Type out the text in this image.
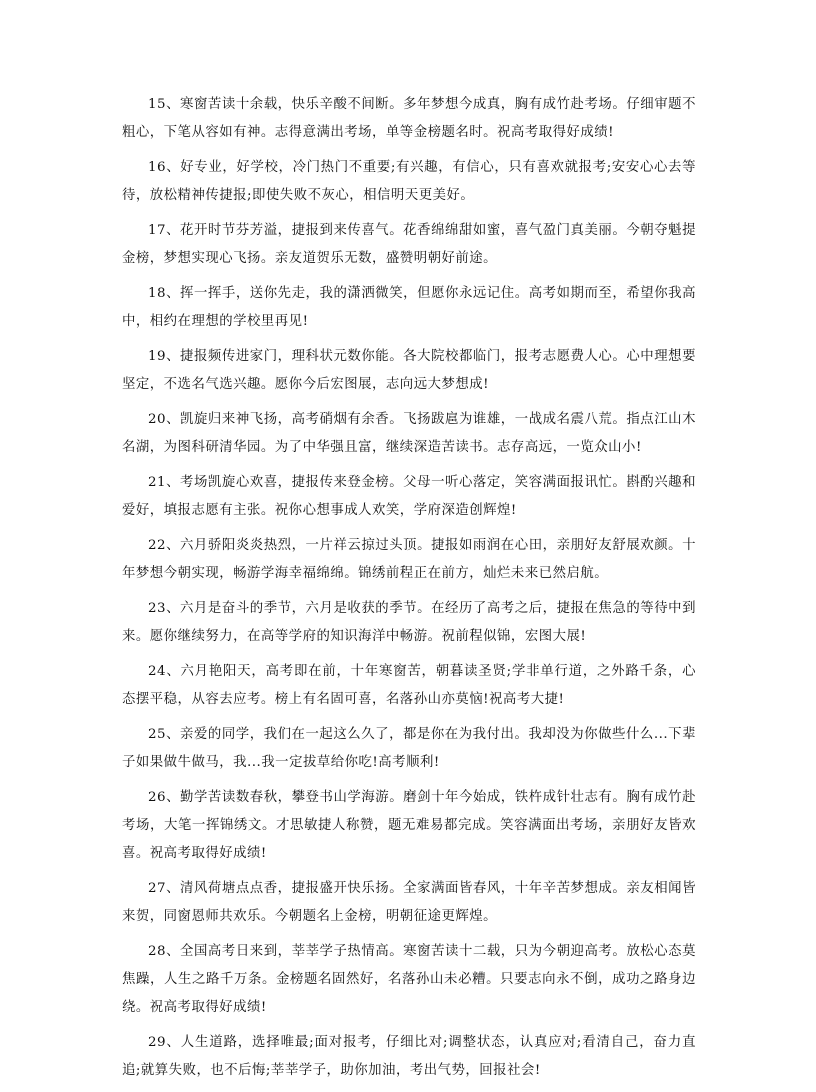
15、寒窗苦读十余载，快乐辛酸不间断。多年梦想今成真，胸有成竹赴考场。仔细审题不粗心，下笔从容如有神。志得意满出考场，单等金榜题名时。祝高考取得好成绩!

16、好专业，好学校，冷门热门不重要;有兴趣，有信心，只有喜欢就报考;安安心心去等待，放松精神传捷报;即使失败不灰心，相信明天更美好。

17、花开时节芬芳溢，捷报到来传喜气。花香绵绵甜如蜜，喜气盈门真美丽。今朝夺魁提金榜，梦想实现心飞扬。亲友道贺乐无数，盛赞明朝好前途。

18、挥一挥手，送你先走，我的潇洒微笑，但愿你永远记住。高考如期而至，希望你我高中，相约在理想的学校里再见!

19、捷报频传进家门，理科状元数你能。各大院校都临门，报考志愿费人心。心中理想要坚定，不选名气选兴趣。愿你今后宏图展，志向远大梦想成!

20、凯旋归来神飞扬，高考硝烟有余香。飞扬跋扈为谁雄，一战成名震八荒。指点江山木名湖，为图科研清华园。为了中华强且富，继续深造苦读书。志存高远，一览众山小!

21、考场凯旋心欢喜，捷报传来登金榜。父母一听心落定，笑容满面报讯忙。斟酌兴趣和爱好，填报志愿有主张。祝你心想事成人欢笑，学府深造创辉煌!

22、六月骄阳炎炎热烈，一片祥云掠过头顶。捷报如雨润在心田，亲朋好友舒展欢颜。十年梦想今朝实现，畅游学海幸福绵绵。锦绣前程正在前方，灿烂未来已然启航。

23、六月是奋斗的季节，六月是收获的季节。在经历了高考之后，捷报在焦急的等待中到来。愿你继续努力，在高等学府的知识海洋中畅游。祝前程似锦，宏图大展!

24、六月艳阳天，高考即在前，十年寒窗苦，朝暮读圣贤;学非单行道，之外路千条，心态摆平稳，从容去应考。榜上有名固可喜，名落孙山亦莫恼!祝高考大捷!

25、亲爱的同学，我们在一起这么久了，都是你在为我付出。我却没为你做些什么...下辈子如果做牛做马，我...我一定拔草给你吃!高考顺利!

26、勤学苦读数春秋，攀登书山学海游。磨剑十年今始成，铁杵成针壮志有。胸有成竹赴考场，大笔一挥锦绣文。才思敏捷人称赞，题无难易都完成。笑容满面出考场，亲朋好友皆欢喜。祝高考取得好成绩!

27、清风荷塘点点香，捷报盛开快乐扬。全家满面皆春风，十年辛苦梦想成。亲友相闻皆来贺，同窗恩师共欢乐。今朝题名上金榜，明朝征途更辉煌。

28、全国高考日来到，莘莘学子热情高。寒窗苦读十二载，只为今朝迎高考。放松心态莫焦躁，人生之路千万条。金榜题名固然好，名落孙山未必糟。只要志向永不倒，成功之路身边绕。祝高考取得好成绩!

29、人生道路，选择唯最;面对报考，仔细比对;调整状态，认真应对;看清自己，奋力直追;就算失败，也不后悔;莘莘学子，助你加油，考出气势，回报社会!
